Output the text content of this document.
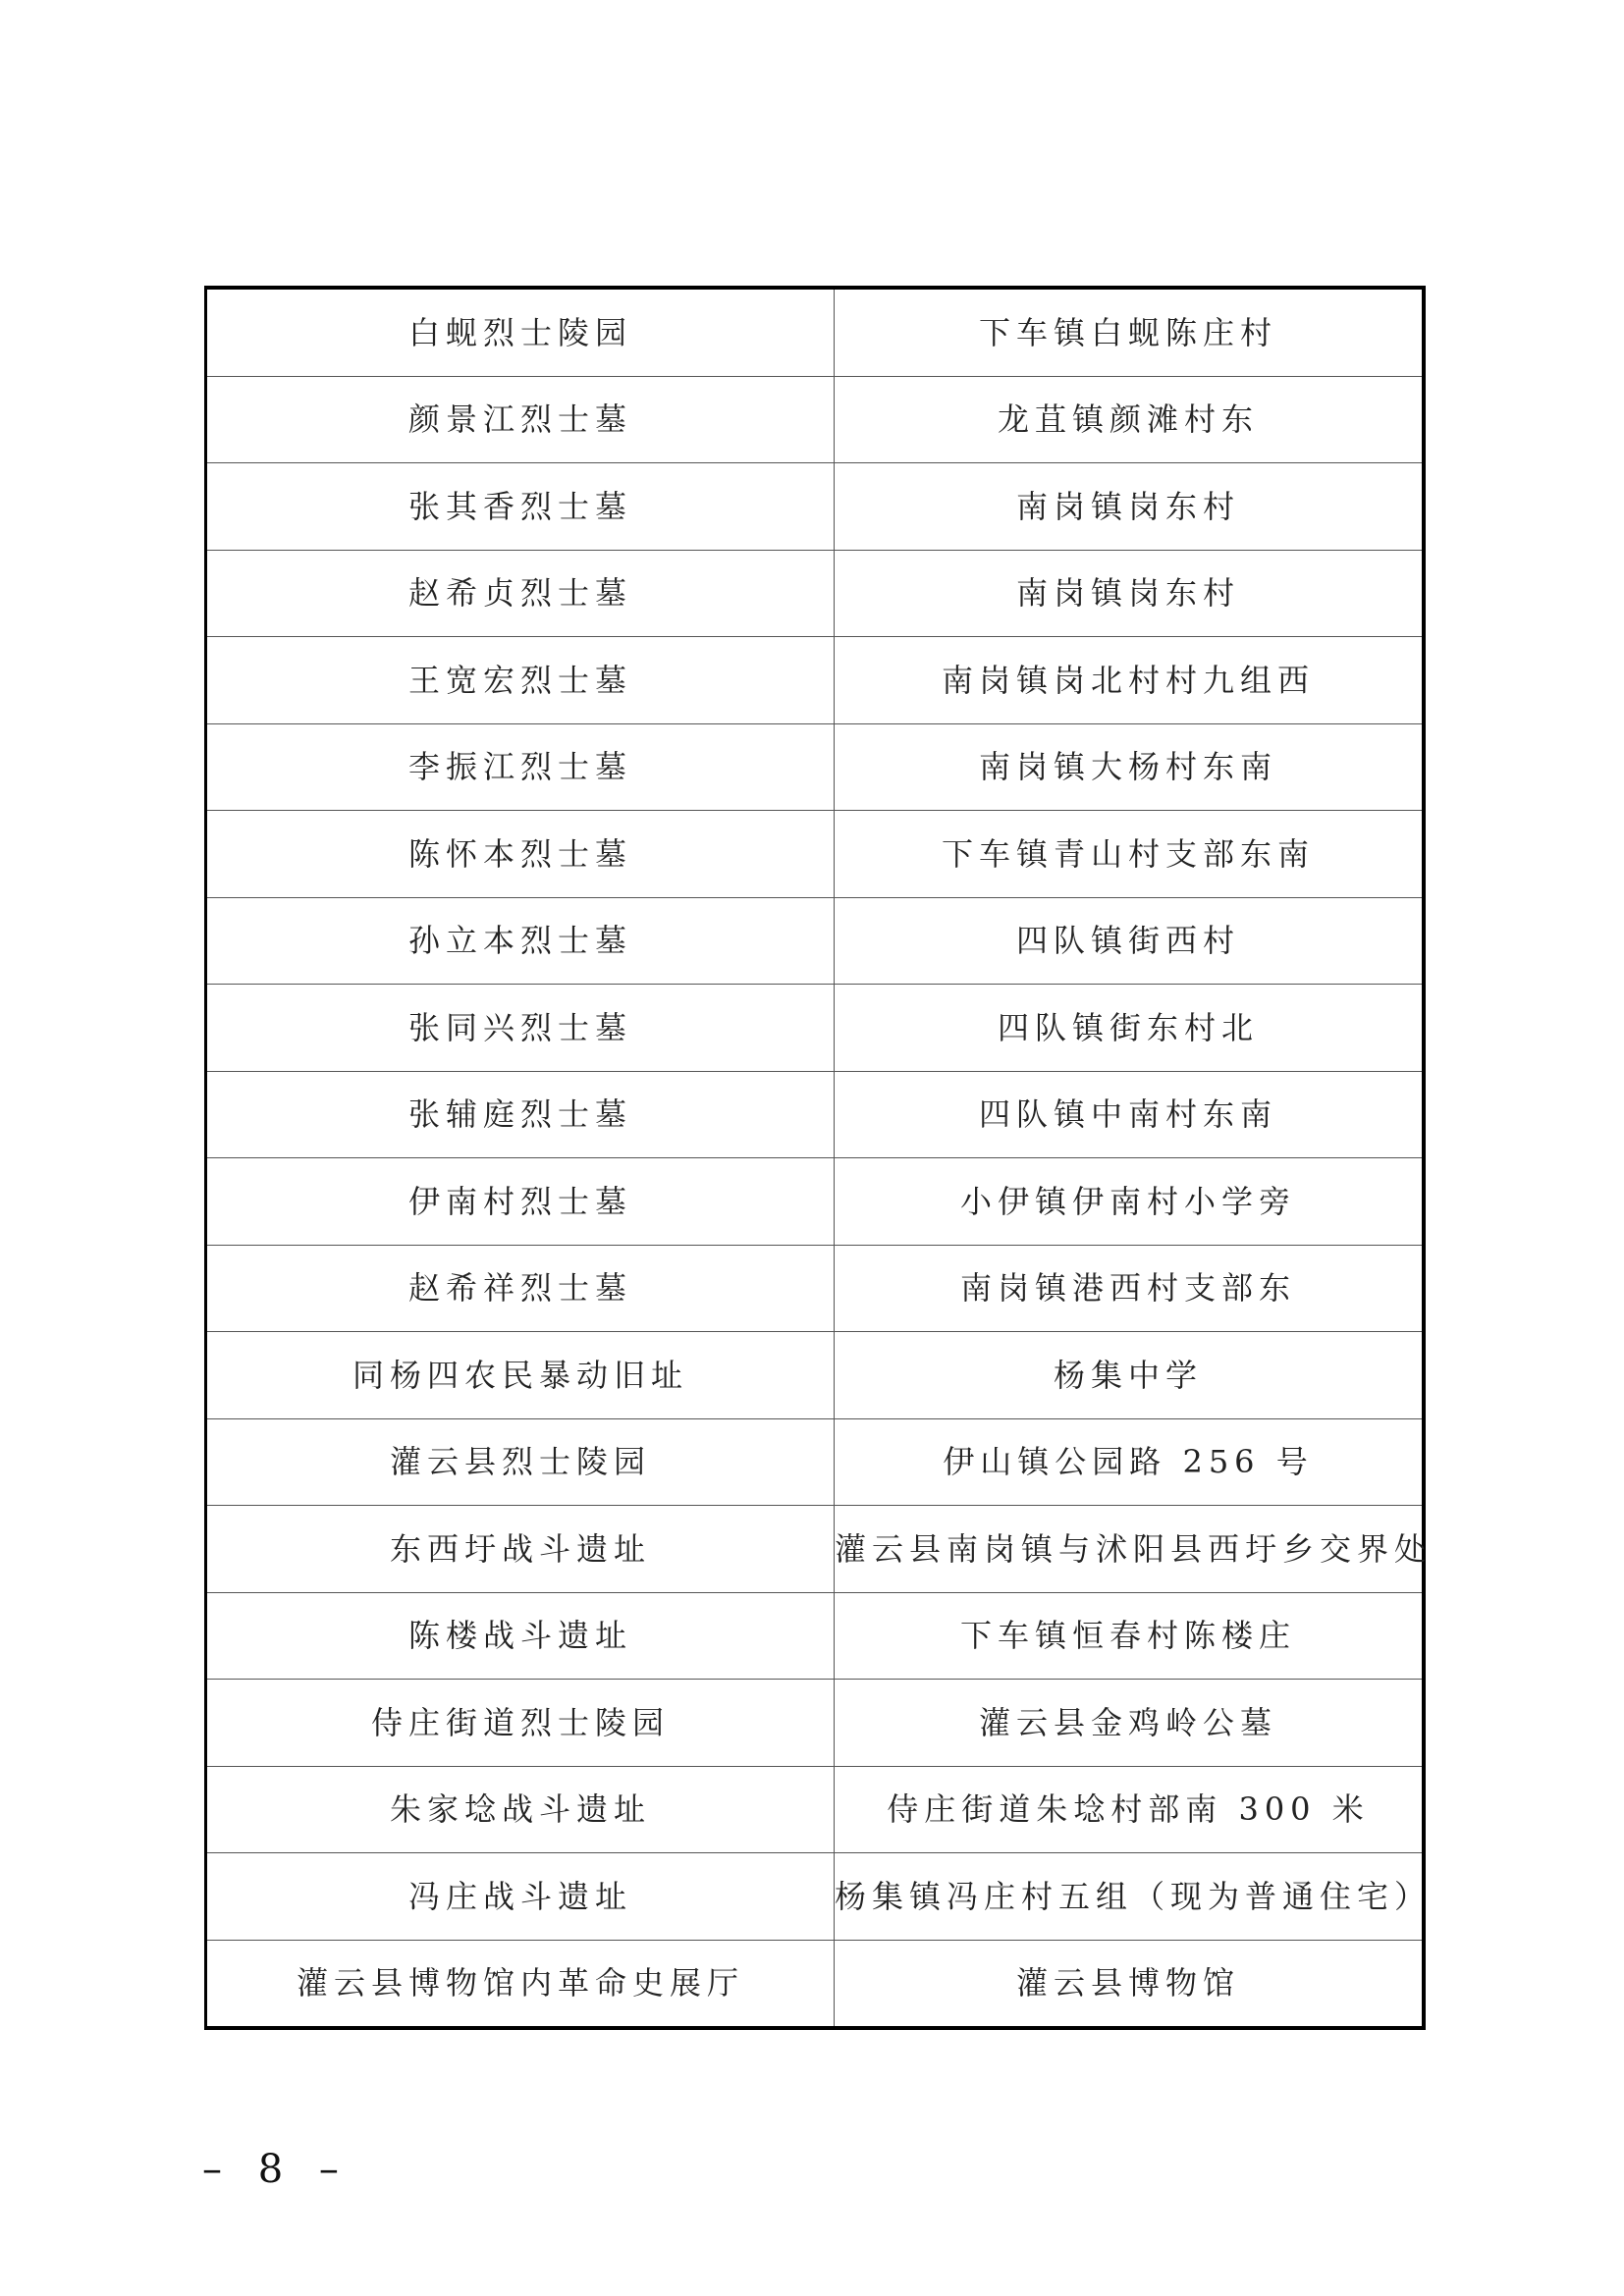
白蚬烈士陵园	下车镇白蚬陈庄村
颜景江烈士墓	龙苴镇颜滩村东
张其香烈士墓	南岗镇岗东村
赵希贞烈士墓	南岗镇岗东村
王宽宏烈士墓	南岗镇岗北村村九组西
李振江烈士墓	南岗镇大杨村东南
陈怀本烈士墓	下车镇青山村支部东南
孙立本烈士墓	四队镇街西村
张同兴烈士墓	四队镇街东村北
张辅庭烈士墓	四队镇中南村东南
伊南村烈士墓	小伊镇伊南村小学旁
赵希祥烈士墓	南岗镇港西村支部东
同杨四农民暴动旧址	杨集中学
灌云县烈士陵园	伊山镇公园路 256 号
东西圩战斗遗址	灌云县南岗镇与沭阳县西圩乡交界处
陈楼战斗遗址	下车镇恒春村陈楼庄
侍庄街道烈士陵园	灌云县金鸡岭公墓
朱家埝战斗遗址	侍庄街道朱埝村部南 300 米
冯庄战斗遗址	杨集镇冯庄村五组（现为普通住宅）
灌云县博物馆内革命史展厅	灌云县博物馆
– 8 –
